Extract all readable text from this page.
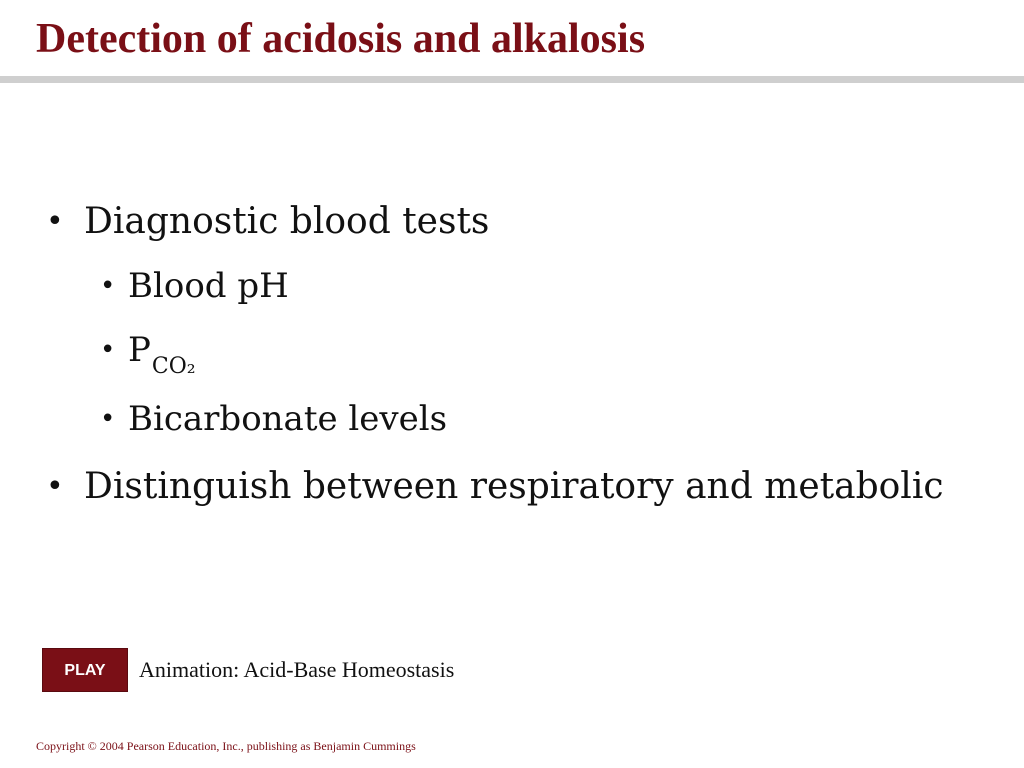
Detection of acidosis and alkalosis
• Diagnostic blood tests
• Blood pH
• $P_{CO_2}$
• Bicarbonate levels
• Distinguish between respiratory and metabolic
PLAY	Animation: Acid-Base Homeostasis
Copyright © 2004 Pearson Education, Inc., publishing as Benjamin Cummings
